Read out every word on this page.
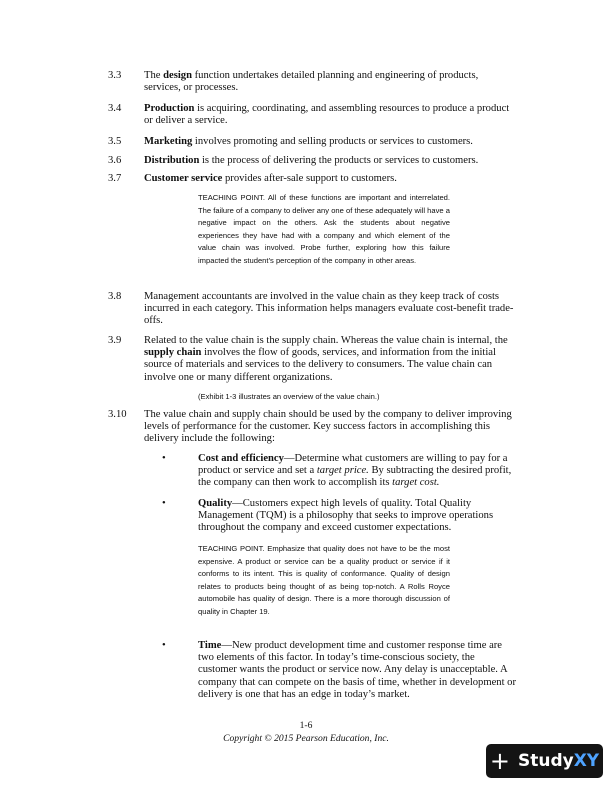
3.3 The design function undertakes detailed planning and engineering of products, services, or processes.
3.4 Production is acquiring, coordinating, and assembling resources to produce a product or deliver a service.
3.5 Marketing involves promoting and selling products or services to customers.
3.6 Distribution is the process of delivering the products or services to customers.
3.7 Customer service provides after-sale support to customers.
TEACHING POINT. All of these functions are important and interrelated. The failure of a company to deliver any one of these adequately will have a negative impact on the others. Ask the students about negative experiences they have had with a company and which element of the value chain was involved. Probe further, exploring how this failure impacted the student’s perception of the company in other areas.
3.8 Management accountants are involved in the value chain as they keep track of costs incurred in each category. This information helps managers evaluate cost-benefit trade-offs.
3.9 Related to the value chain is the supply chain. Whereas the value chain is internal, the supply chain involves the flow of goods, services, and information from the initial source of materials and services to the delivery to consumers. The value chain can involve one or many different organizations.
(Exhibit 1-3 illustrates an overview of the value chain.)
3.10 The value chain and supply chain should be used by the company to deliver improving levels of performance for the customer. Key success factors in accomplishing this delivery include the following:
•	Cost and efficiency—Determine what customers are willing to pay for a product or service and set a target price. By subtracting the desired profit, the company can then work to accomplish its target cost.
•	Quality—Customers expect high levels of quality. Total Quality Management (TQM) is a philosophy that seeks to improve operations throughout the company and exceed customer expectations.
TEACHING POINT. Emphasize that quality does not have to be the most expensive. A product or service can be a quality product or service if it conforms to its intent. This is quality of conformance. Quality of design relates to products being thought of as being top-notch. A Rolls Royce automobile has quality of design. There is a more thorough discussion of quality in Chapter 19.
•	Time—New product development time and customer response time are two elements of this factor. In today’s time-conscious society, the customer wants the product or service now. Any delay is unacceptable. A company that can compete on the basis of time, whether in development or delivery is one that has an edge in today’s market.
1-6
Copyright © 2015 Pearson Education, Inc.
+ StudyXY
